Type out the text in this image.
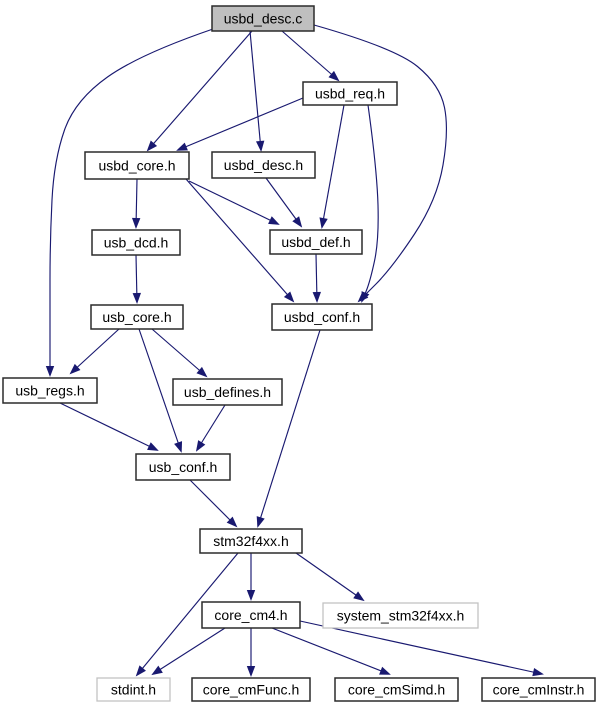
usbd_desc.c
usbd_req.h
usbd_core.h	usbd_desc.h
usb_dcd.h	usbd_def.h
usb_core.h	usbd_conf.h
usb_regs.h	usb_defines.h
usb_conf.h
stm32f4xx.h
core_cm4.h	system_stm32f4xx.h
stdint.h	core_cmFunc.h	core_cmSimd.h	core_cmInstr.h
